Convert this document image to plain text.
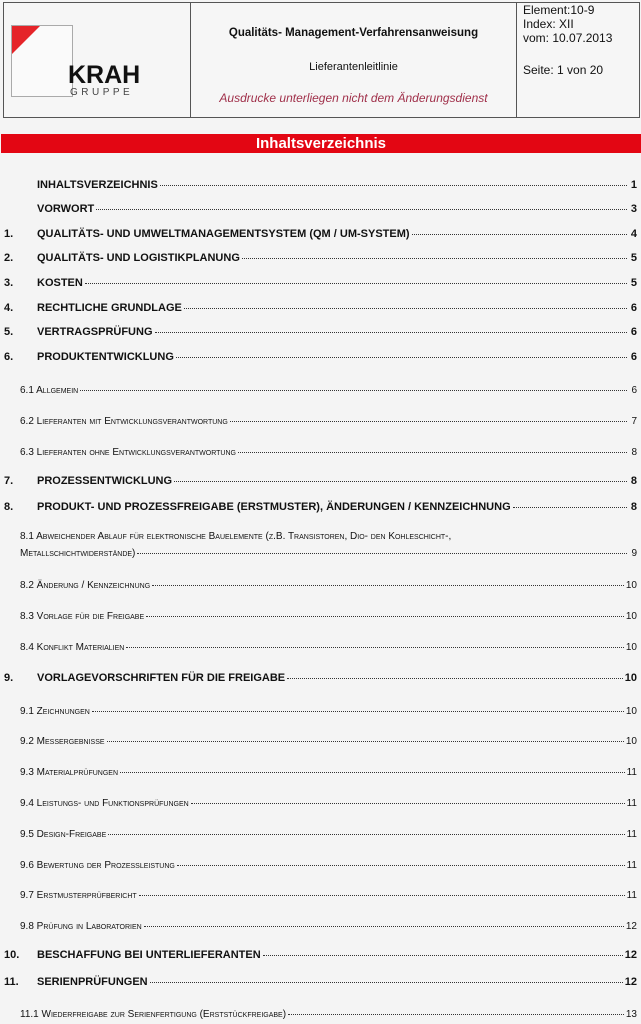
KRAH
GRUPPE
Qualitäts- Management-Verfahrensanweisung
Lieferantenleitlinie
Ausdrucke unterliegen nicht dem Änderungsdienst
Element:10-9
Index: XII
vom: 10.07.2013
Seite: 1 von 20
Inhaltsverzeichnis
INHALTSVERZEICHNIS	1
VORWORT	3
1.	QUALITÄTS- UND UMWELTMANAGEMENTSYSTEM (QM / UM-SYSTEM)	4
2.	QUALITÄTS- UND LOGISTIKPLANUNG	5
3.	KOSTEN	5
4.	RECHTLICHE GRUNDLAGE	6
5.	VERTRAGSPRÜFUNG	6
6.	PRODUKTENTWICKLUNG	6
6.1 Allgemein	6
6.2 Lieferanten mit Entwicklungsverantwortung	7
6.3 Lieferanten ohne Entwicklungsverantwortung	8
7.	PROZESSENTWICKLUNG	8
8.	PRODUKT- UND PROZESSFREIGABE (ERSTMUSTER), ÄNDERUNGEN / KENNZEICHNUNG	8
8.1 Abweichender Ablauf für elektronische Bauelemente (z.B. Transistoren, Dio- den Kohleschicht-,
Metallschichtwiderstände)	9
8.2 Änderung / Kennzeichnung	10
8.3 Vorlage für die Freigabe	10
8.4 Konflikt Materialien	10
9.	VORLAGEVORSCHRIFTEN FÜR DIE FREIGABE	10
9.1 Zeichnungen	10
9.2 Messergebnisse	10
9.3 Materialprüfungen	11
9.4 Leistungs- und Funktionsprüfungen	11
9.5 Design-Freigabe	11
9.6 Bewertung der Prozessleistung	11
9.7 Erstmusterprüfbericht	11
9.8 Prüfung in Laboratorien	12
10.	BESCHAFFUNG BEI UNTERLIEFERANTEN	12
11.	SERIENPRÜFUNGEN	12
11.1 Wiederfreigabe zur Serienfertigung (Erststückfreigabe)	13
